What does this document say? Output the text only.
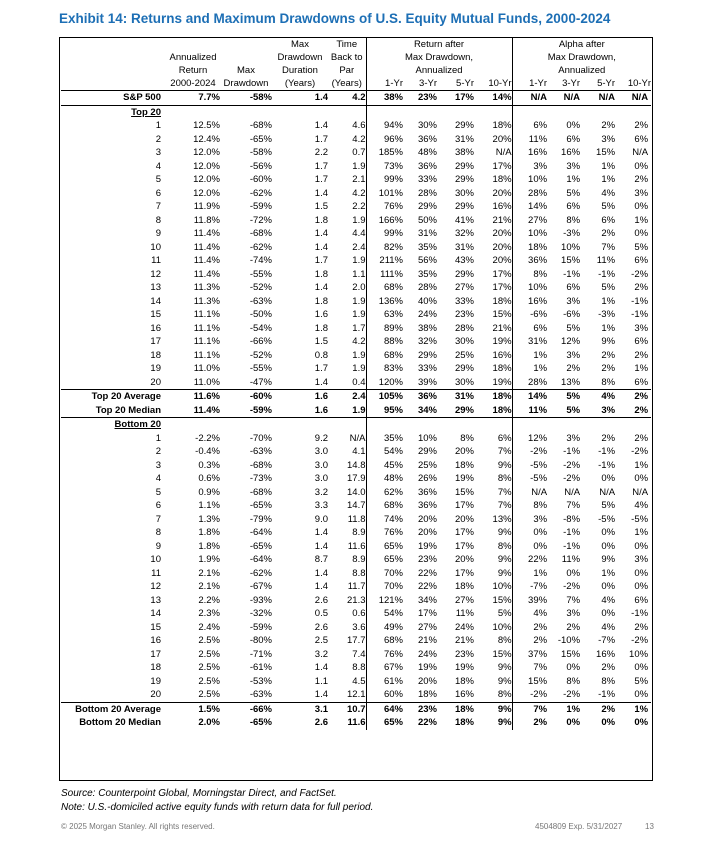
Exhibit 14: Returns and Maximum Drawdowns of U.S. Equity Mutual Funds, 2000-2024
			Max	Time	Return after				Alpha after			
	Annualized		Drawdown	Back to	Max Drawdown,				Max Drawdown,			
	Return	Max	Duration	Par	Annualized				Annualized			
	2000-2024	Drawdown	(Years)	(Years)	1-Yr	3-Yr	5-Yr	10-Yr	1-Yr	3-Yr	5-Yr	10-Yr
S&P 500	7.7%	-58%	1.4	4.2	38%	23%	17%	14%	N/A	N/A	N/A	N/A
Top 20												
1	12.5%	-68%	1.4	4.6	94%	30%	29%	18%	6%	0%	2%	2%
2	12.4%	-65%	1.7	4.2	96%	36%	31%	20%	11%	6%	3%	6%
3	12.0%	-58%	2.2	0.7	185%	48%	38%	N/A	16%	16%	15%	N/A
4	12.0%	-56%	1.7	1.9	73%	36%	29%	17%	3%	3%	1%	0%
5	12.0%	-60%	1.7	2.1	99%	33%	29%	18%	10%	1%	1%	2%
6	12.0%	-62%	1.4	4.2	101%	28%	30%	20%	28%	5%	4%	3%
7	11.9%	-59%	1.5	2.2	76%	29%	29%	16%	14%	6%	5%	0%
8	11.8%	-72%	1.8	1.9	166%	50%	41%	21%	27%	8%	6%	1%
9	11.4%	-68%	1.4	4.4	99%	31%	32%	20%	10%	-3%	2%	0%
10	11.4%	-62%	1.4	2.4	82%	35%	31%	20%	18%	10%	7%	5%
11	11.4%	-74%	1.7	1.9	211%	56%	43%	20%	36%	15%	11%	6%
12	11.4%	-55%	1.8	1.1	111%	35%	29%	17%	8%	-1%	-1%	-2%
13	11.3%	-52%	1.4	2.0	68%	28%	27%	17%	10%	6%	5%	2%
14	11.3%	-63%	1.8	1.9	136%	40%	33%	18%	16%	3%	1%	-1%
15	11.1%	-50%	1.6	1.9	63%	24%	23%	15%	-6%	-6%	-3%	-1%
16	11.1%	-54%	1.8	1.7	89%	38%	28%	21%	6%	5%	1%	3%
17	11.1%	-66%	1.5	4.2	88%	32%	30%	19%	31%	12%	9%	6%
18	11.1%	-52%	0.8	1.9	68%	29%	25%	16%	1%	3%	2%	2%
19	11.0%	-55%	1.7	1.9	83%	33%	29%	18%	1%	2%	2%	1%
20	11.0%	-47%	1.4	0.4	120%	39%	30%	19%	28%	13%	8%	6%
Top 20 Average	11.6%	-60%	1.6	2.4	105%	36%	31%	18%	14%	5%	4%	2%
Top 20 Median	11.4%	-59%	1.6	1.9	95%	34%	29%	18%	11%	5%	3%	2%
Bottom 20												
1	-2.2%	-70%	9.2	N/A	35%	10%	8%	6%	12%	3%	2%	2%
2	-0.4%	-63%	3.0	4.1	54%	29%	20%	7%	-2%	-1%	-1%	-2%
3	0.3%	-68%	3.0	14.8	45%	25%	18%	9%	-5%	-2%	-1%	1%
4	0.6%	-73%	3.0	17.9	48%	26%	19%	8%	-5%	-2%	0%	0%
5	0.9%	-68%	3.2	14.0	62%	36%	15%	7%	N/A	N/A	N/A	N/A
6	1.1%	-65%	3.3	14.7	68%	36%	17%	7%	8%	7%	5%	4%
7	1.3%	-79%	9.0	11.8	74%	20%	20%	13%	3%	-8%	-5%	-5%
8	1.8%	-64%	1.4	8.9	76%	20%	17%	9%	0%	-1%	0%	1%
9	1.8%	-65%	1.4	11.6	65%	19%	17%	8%	0%	-1%	0%	0%
10	1.9%	-64%	8.7	8.9	65%	23%	20%	9%	22%	11%	9%	3%
11	2.1%	-62%	1.4	8.8	70%	22%	17%	9%	1%	0%	1%	0%
12	2.1%	-67%	1.4	11.7	70%	22%	18%	10%	-7%	-2%	0%	0%
13	2.2%	-93%	2.6	21.3	121%	34%	27%	15%	39%	7%	4%	6%
14	2.3%	-32%	0.5	0.6	54%	17%	11%	5%	4%	3%	0%	-1%
15	2.4%	-59%	2.6	3.6	49%	27%	24%	10%	2%	2%	4%	2%
16	2.5%	-80%	2.5	17.7	68%	21%	21%	8%	2%	-10%	-7%	-2%
17	2.5%	-71%	3.2	7.4	76%	24%	23%	15%	37%	15%	16%	10%
18	2.5%	-61%	1.4	8.8	67%	19%	19%	9%	7%	0%	2%	0%
19	2.5%	-53%	1.1	4.5	61%	20%	18%	9%	15%	8%	8%	5%
20	2.5%	-63%	1.4	12.1	60%	18%	16%	8%	-2%	-2%	-1%	0%
Bottom 20 Average	1.5%	-66%	3.1	10.7	64%	23%	18%	9%	7%	1%	2%	1%
Bottom 20 Median	2.0%	-65%	2.6	11.6	65%	22%	18%	9%	2%	0%	0%	0%
Source: Counterpoint Global, Morningstar Direct, and FactSet.
Note: U.S.-domiciled active equity funds with return data for full period.
© 2025 Morgan Stanley. All rights reserved.	4504809 Exp. 5/31/2027	13
